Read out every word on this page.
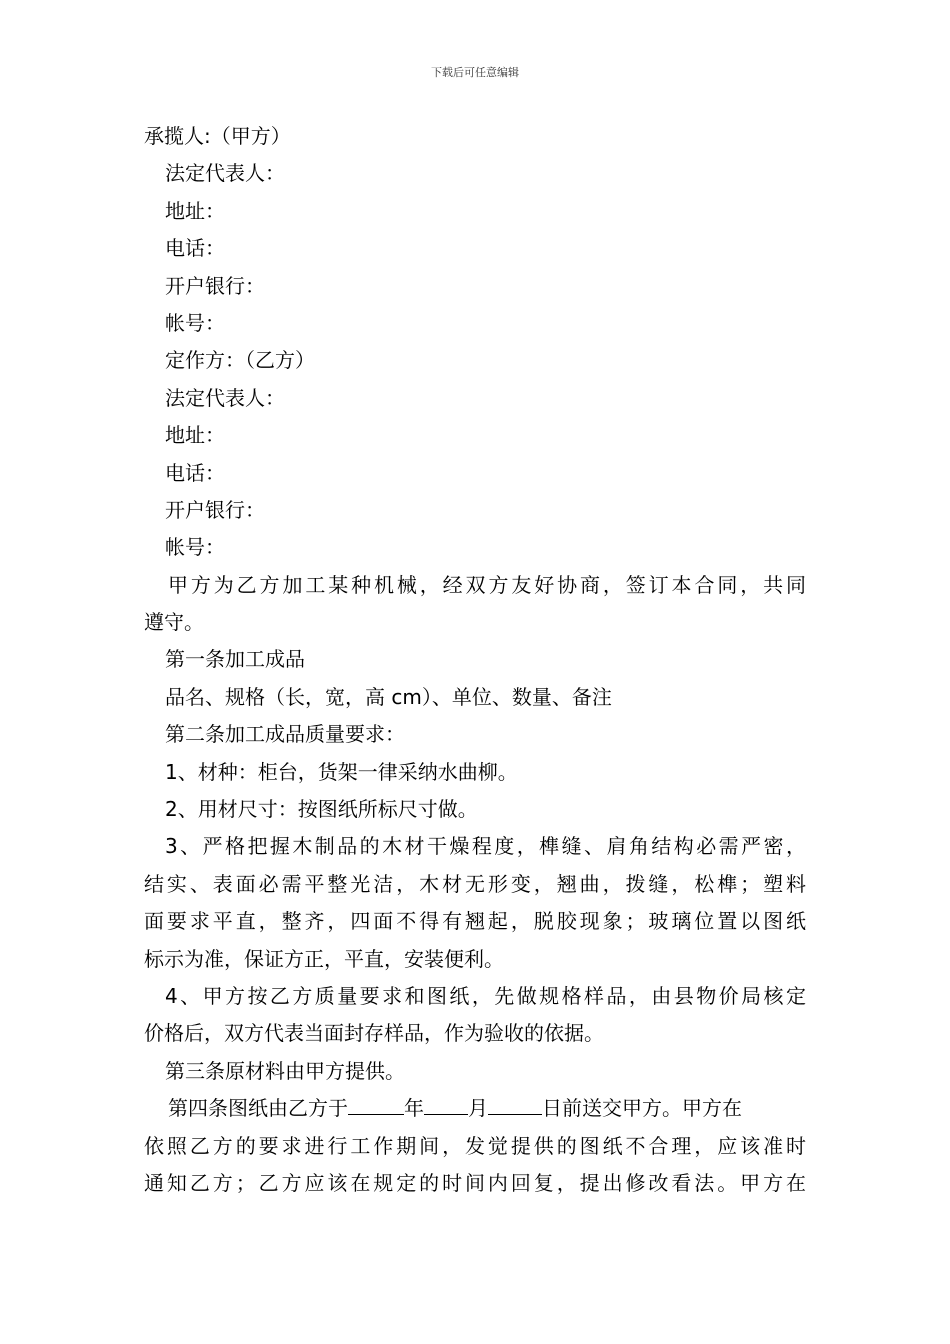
下载后可任意编辑
承揽人:（甲方）
法定代表人：
地址：
电话：
开户银行：
帐号：
定作方：（乙方）
法定代表人：
地址：
电话：
开户银行：
帐号：
甲方为乙方加工某种机械，经双方友好协商，签订本合同，共同
遵守。
第一条加工成品
品名、规格（长，宽，高 cm）、单位、数量、备注
第二条加工成品质量要求：
1、材种：柜台，货架一律采纳水曲柳。
2、用材尺寸：按图纸所标尺寸做。
3、严格把握木制品的木材干燥程度，榫缝、肩角结构必需严密，
结实、表面必需平整光洁，木材无形变，翘曲，拨缝，松榫；塑料
面要求平直，整齐，四面不得有翘起，脱胶现象；玻璃位置以图纸
标示为准，保证方正，平直，安装便利。
4、甲方按乙方质量要求和图纸，先做规格样品，由县物价局核定
价格后，双方代表当面封存样品，作为验收的依据。
第三条原材料由甲方提供。
第四条图纸由乙方于	年 月	日前送交甲方。甲方在
依照乙方的要求进行工作期间，发觉提供的图纸不合理，应该准时
通知乙方；乙方应该在规定的时间内回复，提出修改看法。甲方在
